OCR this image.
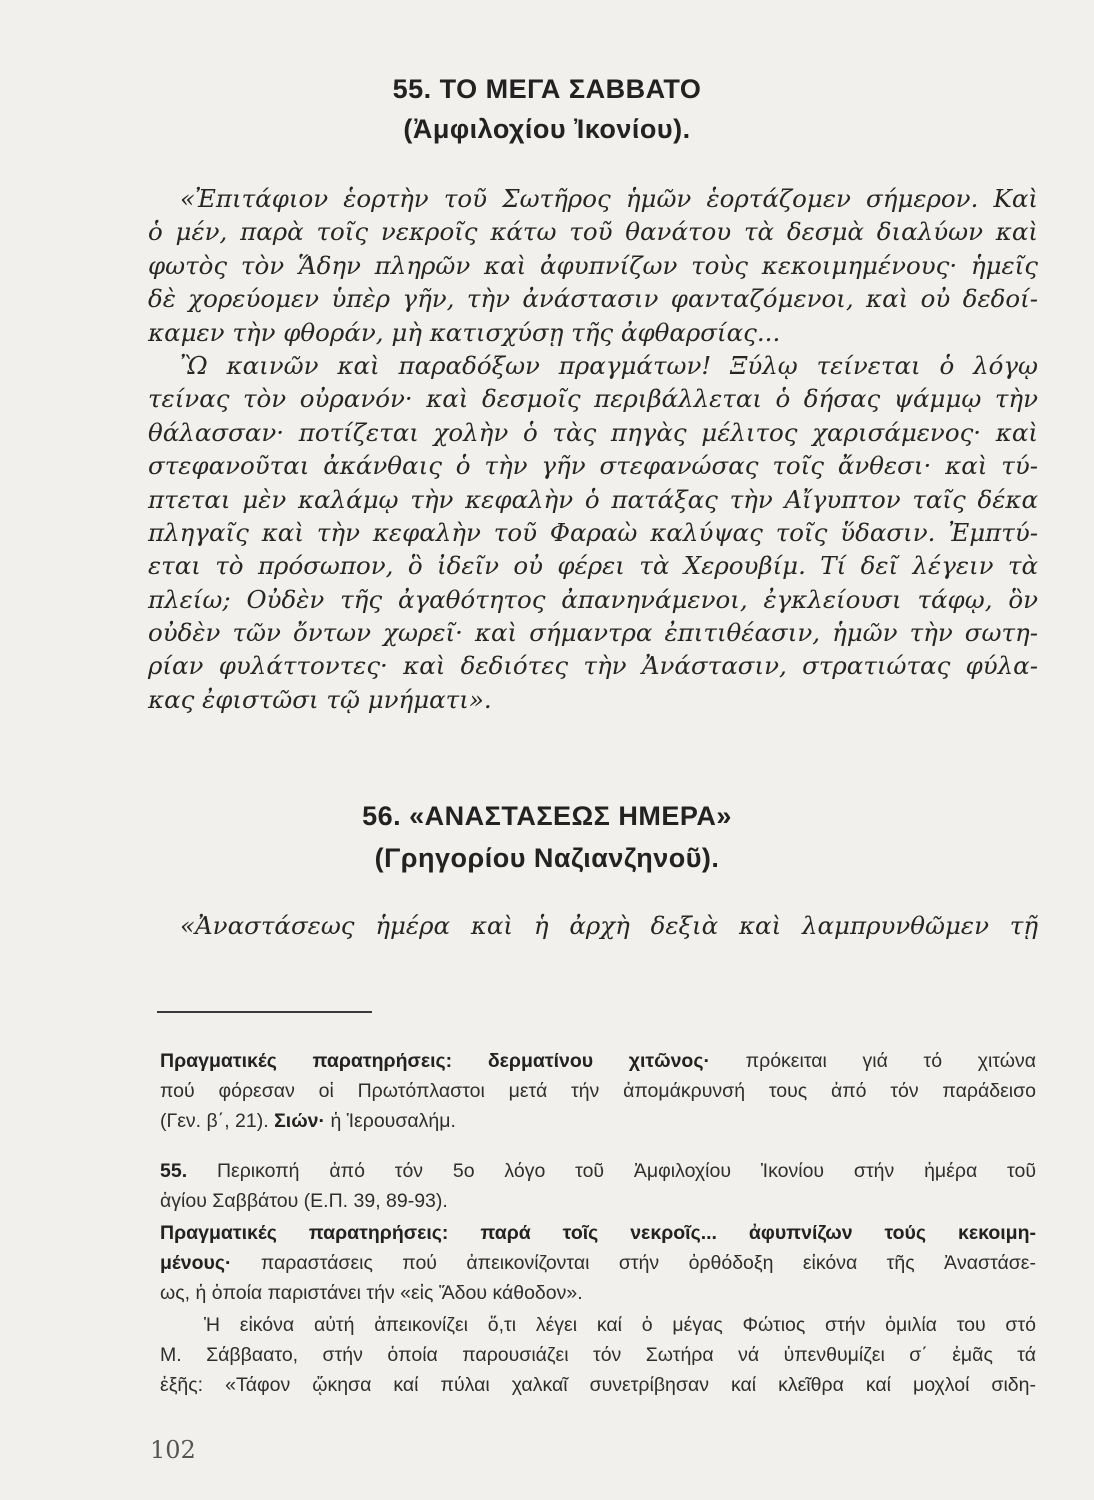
55. ΤΟ ΜΕΓΑ ΣΑΒΒΑΤΟ
(Ἀμφιλοχίου Ἰκονίου).
«Ἐπιτάφιον ἑορτὴν τοῦ Σωτῆρος ἡμῶν ἑορτάζομεν σήμερον. Καὶ
ὁ μέν, παρὰ τοῖς νεκροῖς κάτω τοῦ θανάτου τὰ δεσμὰ διαλύων καὶ
φωτὸς τὸν Ἅδην πληρῶν καὶ ἀφυπνίζων τοὺς κεκοιμημένους· ἡμεῖς
δὲ χορεύομεν ὑπὲρ γῆν, τὴν ἀνάστασιν φανταζόμενοι, καὶ οὐ δεδοί-
καμεν τὴν φθοράν, μὴ κατισχύσῃ τῆς ἀφθαρσίας...
Ὢ καινῶν καὶ παραδόξων πραγμάτων! Ξύλῳ τείνεται ὁ λόγῳ
τείνας τὸν οὐρανόν· καὶ δεσμοῖς περιβάλλεται ὁ δήσας ψάμμῳ τὴν
θάλασσαν· ποτίζεται χολὴν ὁ τὰς πηγὰς μέλιτος χαρισάμενος· καὶ
στεφανοῦται ἀκάνθαις ὁ τὴν γῆν στεφανώσας τοῖς ἄνθεσι· καὶ τύ-
πτεται μὲν καλάμῳ τὴν κεφαλὴν ὁ πατάξας τὴν Αἴγυπτον ταῖς δέκα
πληγαῖς καὶ τὴν κεφαλὴν τοῦ Φαραὼ καλύψας τοῖς ὕδασιν. Ἐμπτύ-
εται τὸ πρόσωπον, ὃ ἰδεῖν οὐ φέρει τὰ Χερουβίμ. Τί δεῖ λέγειν τὰ
πλείω; Οὐδὲν τῆς ἀγαθότητος ἀπανηνάμενοι, ἐγκλείουσι τάφῳ, ὃν
οὐδὲν τῶν ὄντων χωρεῖ· καὶ σήμαντρα ἐπιτιθέασιν, ἡμῶν τὴν σωτη-
ρίαν φυλάττοντες· καὶ δεδιότες τὴν Ἀνάστασιν, στρατιώτας φύλα-
κας ἐφιστῶσι τῷ μνήματι».
56. «ΑΝΑΣΤΑΣΕΩΣ ΗΜΕΡΑ»
(Γρηγορίου Ναζιανζηνοῦ).
«Ἀναστάσεως ἡμέρα καὶ ἡ ἀρχὴ δεξιὰ καὶ λαμπρυνθῶμεν τῇ
Πραγματικές παρατηρήσεις: δερματίνου χιτῶνος· πρόκειται γιά τό χιτώνα
πού φόρεσαν οἱ Πρωτόπλαστοι μετά τήν ἀπομάκρυνσή τους ἀπό τόν παράδεισο
(Γεν. β΄, 21). Σιών· ἡ Ἱερουσαλήμ.
55. Περικοπή ἀπό τόν 5ο λόγο τοῦ Ἀμφιλοχίου Ἰκονίου στήν ἡμέρα τοῦ
ἁγίου Σαββάτου (Ε.Π. 39, 89-93).
Πραγματικές παρατηρήσεις: παρά τοῖς νεκροῖς... ἀφυπνίζων τούς κεκοιμη-
μένους· παραστάσεις πού ἀπεικονίζονται στήν ὀρθόδοξη εἰκόνα τῆς Ἀναστάσε-
ως, ἡ ὁποία παριστάνει τήν «εἰς Ἅδου κάθοδον».
Ἡ εἰκόνα αὐτή ἀπεικονίζει ὅ,τι λέγει καί ὁ μέγας Φώτιος στήν ὁμιλία του στό
Μ. Σάββαατο, στήν ὁποία παρουσιάζει τόν Σωτήρα νά ὑπενθυμίζει σ΄ ἐμᾶς τά
ἑξῆς: «Τάφον ᾤκησα καί πύλαι χαλκαῖ συνετρίβησαν καί κλεῖθρα καί μοχλοί σιδη-
102
